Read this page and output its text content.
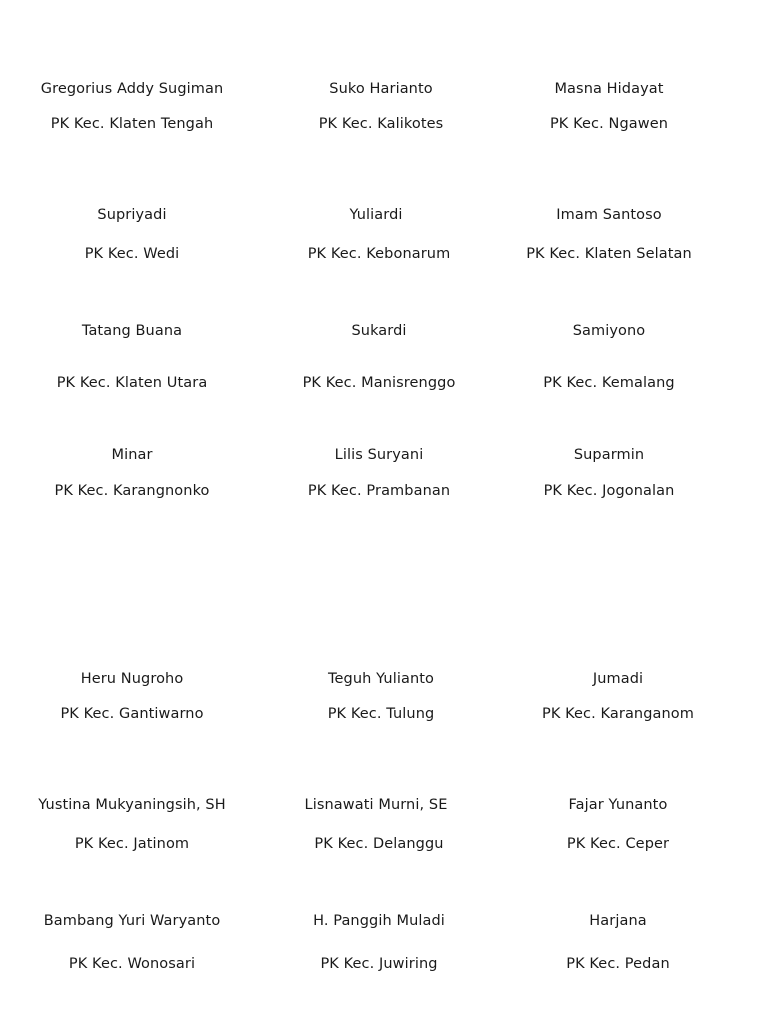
Gregorius Addy Sugiman
PK Kec. Klaten Tengah
Suko Harianto
PK Kec. Kalikotes
Masna Hidayat
PK Kec. Ngawen
Supriyadi
PK Kec. Wedi
Yuliardi
PK Kec. Kebonarum
Imam Santoso
PK Kec. Klaten Selatan
Tatang Buana
PK Kec. Klaten Utara
Sukardi
PK Kec. Manisrenggo
Samiyono
PK Kec. Kemalang
Minar
PK Kec. Karangnonko
Lilis Suryani
PK Kec. Prambanan
Suparmin
PK Kec. Jogonalan
Heru Nugroho
PK Kec. Gantiwarno
Teguh Yulianto
PK Kec. Tulung
Jumadi
PK Kec. Karanganom
Yustina Mukyaningsih, SH
PK Kec. Jatinom
Lisnawati Murni, SE
PK Kec. Delanggu
Fajar Yunanto
PK Kec. Ceper
Bambang Yuri Waryanto
PK Kec. Wonosari
H. Panggih Muladi
PK Kec. Juwiring
Harjana
PK Kec. Pedan
